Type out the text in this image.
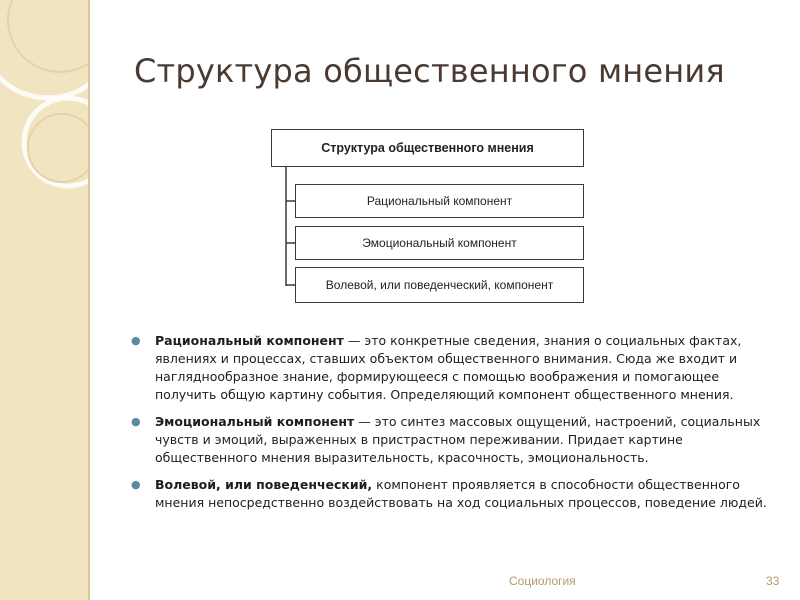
Структура общественного мнения
Структура общественного мнения
Рациональный компонент
Эмоциональный компонент
Волевой, или поведенческий, компонент
● Рациональный компонент — это конкретные сведения, знания о социальных фактах, явлениях и процессах, ставших объектом общественного внимания. Сюда же входит и нагляднообразное знание, формирующееся с помощью воображения и помогающее получить общую картину события. Определяющий компонент общественного мнения.
● Эмоциональный компонент — это синтез массовых ощущений, настроений, социальных чувств и эмоций, выраженных в пристрастном переживании. Придает картине общественного мнения выразительность, красочность, эмоциональность.
● Волевой, или поведенческий, компонент проявляется в способности общественного мнения непосредственно воздействовать на ход социальных процессов, поведение людей.
Социология	33
